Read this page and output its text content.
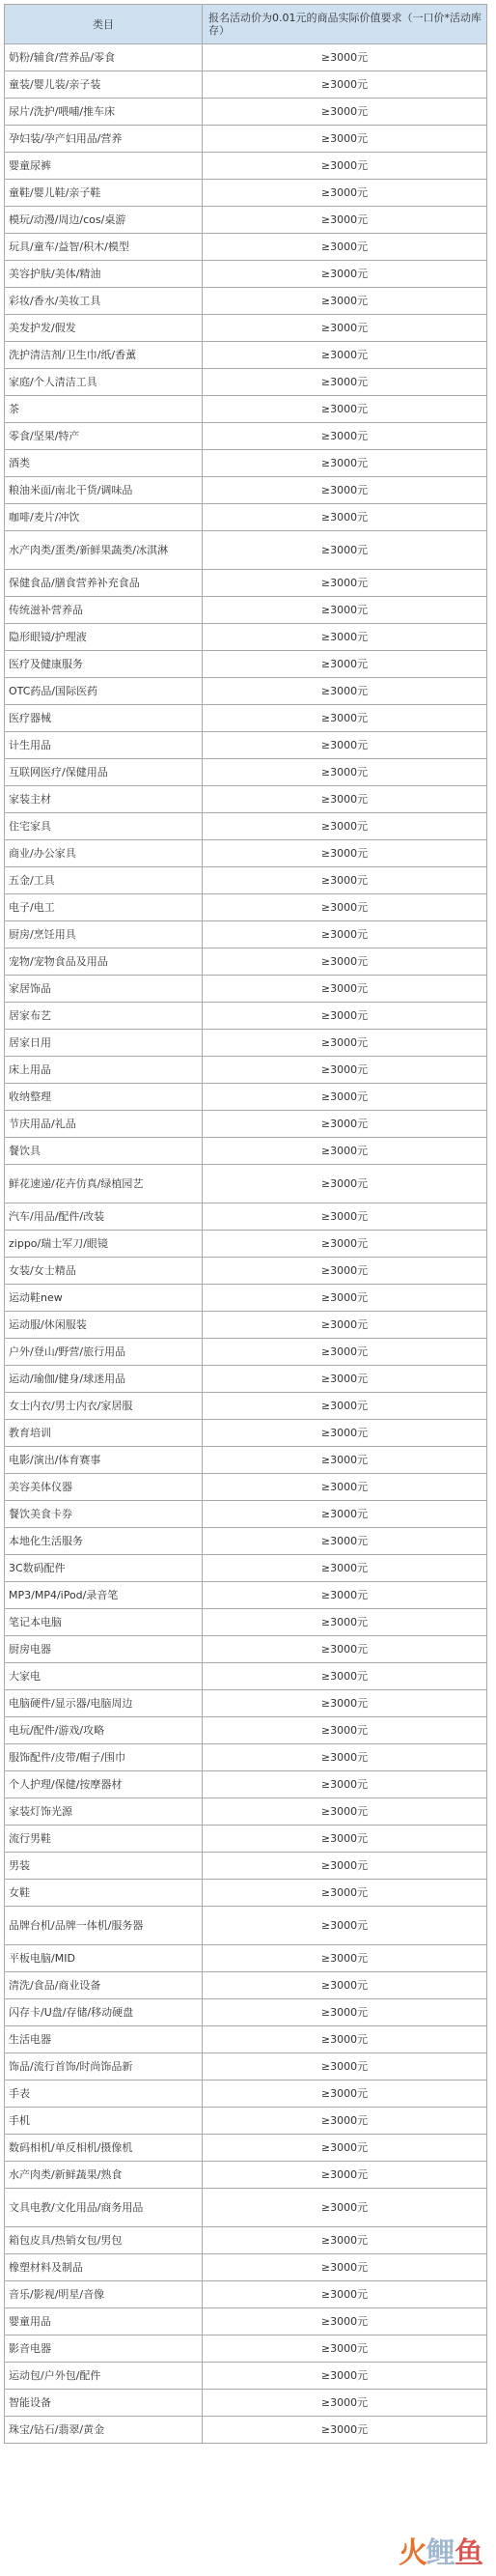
类目	报名活动价为0.01元的商品实际价值要求（一口价*活动库存）
奶粉/辅食/营养品/零食	≥3000元
童装/婴儿装/亲子装	≥3000元
尿片/洗护/喂哺/推车床	≥3000元
孕妇装/孕产妇用品/营养	≥3000元
婴童尿裤	≥3000元
童鞋/婴儿鞋/亲子鞋	≥3000元
模玩/动漫/周边/cos/桌游	≥3000元
玩具/童车/益智/积木/模型	≥3000元
美容护肤/美体/精油	≥3000元
彩妆/香水/美妆工具	≥3000元
美发护发/假发	≥3000元
洗护清洁剂/卫生巾/纸/香薰	≥3000元
家庭/个人清洁工具	≥3000元
茶	≥3000元
零食/坚果/特产	≥3000元
酒类	≥3000元
粮油米面/南北干货/调味品	≥3000元
咖啡/麦片/冲饮	≥3000元
水产肉类/蛋类/新鲜果蔬类/冰淇淋	≥3000元
保健食品/膳食营养补充食品	≥3000元
传统滋补营养品	≥3000元
隐形眼镜/护理液	≥3000元
医疗及健康服务	≥3000元
OTC药品/国际医药	≥3000元
医疗器械	≥3000元
计生用品	≥3000元
互联网医疗/保健用品	≥3000元
家装主材	≥3000元
住宅家具	≥3000元
商业/办公家具	≥3000元
五金/工具	≥3000元
电子/电工	≥3000元
厨房/烹饪用具	≥3000元
宠物/宠物食品及用品	≥3000元
家居饰品	≥3000元
居家布艺	≥3000元
居家日用	≥3000元
床上用品	≥3000元
收纳整理	≥3000元
节庆用品/礼品	≥3000元
餐饮具	≥3000元
鲜花速递/花卉仿真/绿植园艺	≥3000元
汽车/用品/配件/改装	≥3000元
zippo/瑞士军刀/眼镜	≥3000元
女装/女士精品	≥3000元
运动鞋new	≥3000元
运动服/休闲服装	≥3000元
户外/登山/野营/旅行用品	≥3000元
运动/瑜伽/健身/球迷用品	≥3000元
女士内衣/男士内衣/家居服	≥3000元
教育培训	≥3000元
电影/演出/体育赛事	≥3000元
美容美体仪器	≥3000元
餐饮美食卡券	≥3000元
本地化生活服务	≥3000元
3C数码配件	≥3000元
MP3/MP4/iPod/录音笔	≥3000元
笔记本电脑	≥3000元
厨房电器	≥3000元
大家电	≥3000元
电脑硬件/显示器/电脑周边	≥3000元
电玩/配件/游戏/攻略	≥3000元
服饰配件/皮带/帽子/围巾	≥3000元
个人护理/保健/按摩器材	≥3000元
家装灯饰光源	≥3000元
流行男鞋	≥3000元
男装	≥3000元
女鞋	≥3000元
品牌台机/品牌一体机/服务器	≥3000元
平板电脑/MID	≥3000元
清洗/食品/商业设备	≥3000元
闪存卡/U盘/存储/移动硬盘	≥3000元
生活电器	≥3000元
饰品/流行首饰/时尚饰品新	≥3000元
手表	≥3000元
手机	≥3000元
数码相机/单反相机/摄像机	≥3000元
水产肉类/新鲜蔬果/熟食	≥3000元
文具电教/文化用品/商务用品	≥3000元
箱包皮具/热销女包/男包	≥3000元
橡塑材料及制品	≥3000元
音乐/影视/明星/音像	≥3000元
婴童用品	≥3000元
影音电器	≥3000元
运动包/户外包/配件	≥3000元
智能设备	≥3000元
珠宝/钻石/翡翠/黄金	≥3000元
火 鲤 鱼
